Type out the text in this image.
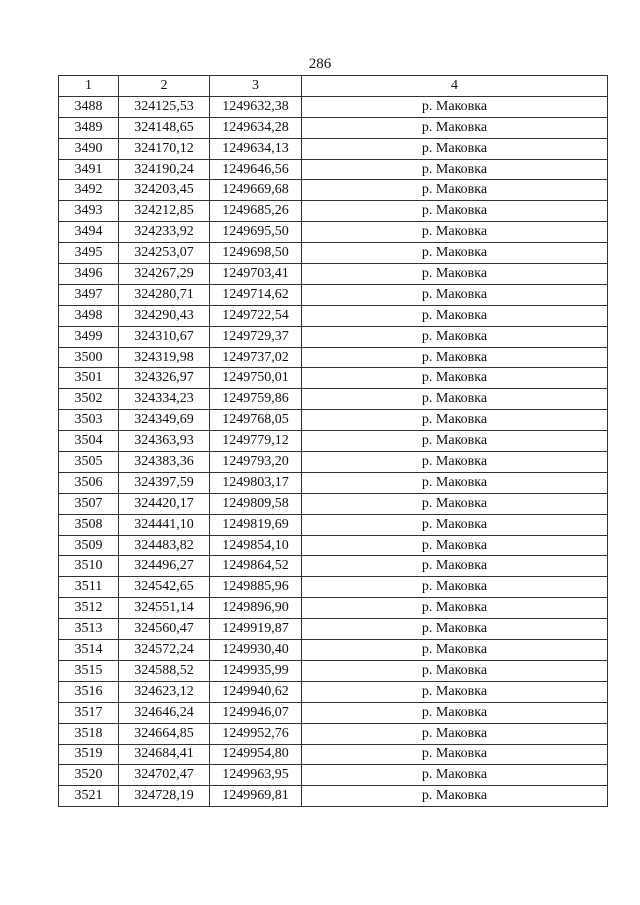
286
1	2	3	4
3488	324125,53	1249632,38	р. Маковка
3489	324148,65	1249634,28	р. Маковка
3490	324170,12	1249634,13	р. Маковка
3491	324190,24	1249646,56	р. Маковка
3492	324203,45	1249669,68	р. Маковка
3493	324212,85	1249685,26	р. Маковка
3494	324233,92	1249695,50	р. Маковка
3495	324253,07	1249698,50	р. Маковка
3496	324267,29	1249703,41	р. Маковка
3497	324280,71	1249714,62	р. Маковка
3498	324290,43	1249722,54	р. Маковка
3499	324310,67	1249729,37	р. Маковка
3500	324319,98	1249737,02	р. Маковка
3501	324326,97	1249750,01	р. Маковка
3502	324334,23	1249759,86	р. Маковка
3503	324349,69	1249768,05	р. Маковка
3504	324363,93	1249779,12	р. Маковка
3505	324383,36	1249793,20	р. Маковка
3506	324397,59	1249803,17	р. Маковка
3507	324420,17	1249809,58	р. Маковка
3508	324441,10	1249819,69	р. Маковка
3509	324483,82	1249854,10	р. Маковка
3510	324496,27	1249864,52	р. Маковка
3511	324542,65	1249885,96	р. Маковка
3512	324551,14	1249896,90	р. Маковка
3513	324560,47	1249919,87	р. Маковка
3514	324572,24	1249930,40	р. Маковка
3515	324588,52	1249935,99	р. Маковка
3516	324623,12	1249940,62	р. Маковка
3517	324646,24	1249946,07	р. Маковка
3518	324664,85	1249952,76	р. Маковка
3519	324684,41	1249954,80	р. Маковка
3520	324702,47	1249963,95	р. Маковка
3521	324728,19	1249969,81	р. Маковка
